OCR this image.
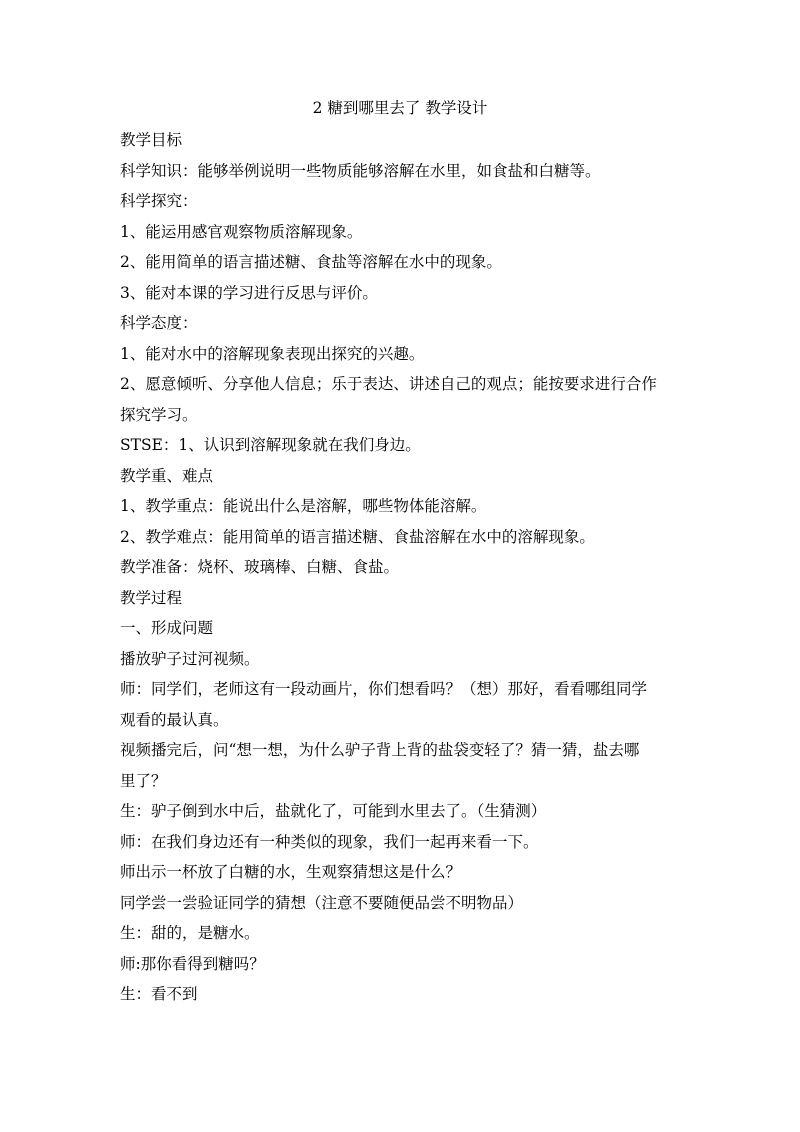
2 糖到哪里去了 教学设计

教学目标

科学知识：能够举例说明一些物质能够溶解在水里，如食盐和白糖等。

科学探究：

1、能运用感官观察物质溶解现象。

2、能用简单的语言描述糖、食盐等溶解在水中的现象。

3、能对本课的学习进行反思与评价。

科学态度：

1、能对水中的溶解现象表现出探究的兴趣。

2、愿意倾听、分享他人信息；乐于表达、讲述自己的观点；能按要求进行合作

探究学习。

STSE：1、认识到溶解现象就在我们身边。

教学重、难点

1、教学重点：能说出什么是溶解，哪些物体能溶解。

2、教学难点：能用简单的语言描述糖、食盐溶解在水中的溶解现象。

教学准备：烧杯、玻璃棒、白糖、食盐。

教学过程

一、形成问题

播放驴子过河视频。

师：同学们，老师这有一段动画片，你们想看吗？（想）那好，看看哪组同学

观看的最认真。

视频播完后，问“想一想，为什么驴子背上背的盐袋变轻了？猜一猜，盐去哪

里了？

生：驴子倒到水中后，盐就化了，可能到水里去了。（生猜测）

师：在我们身边还有一种类似的现象，我们一起再来看一下。

师出示一杯放了白糖的水，生观察猜想这是什么？

同学尝一尝验证同学的猜想（注意不要随便品尝不明物品）

生：甜的，是糖水。

师:那你看得到糖吗？

生：看不到
